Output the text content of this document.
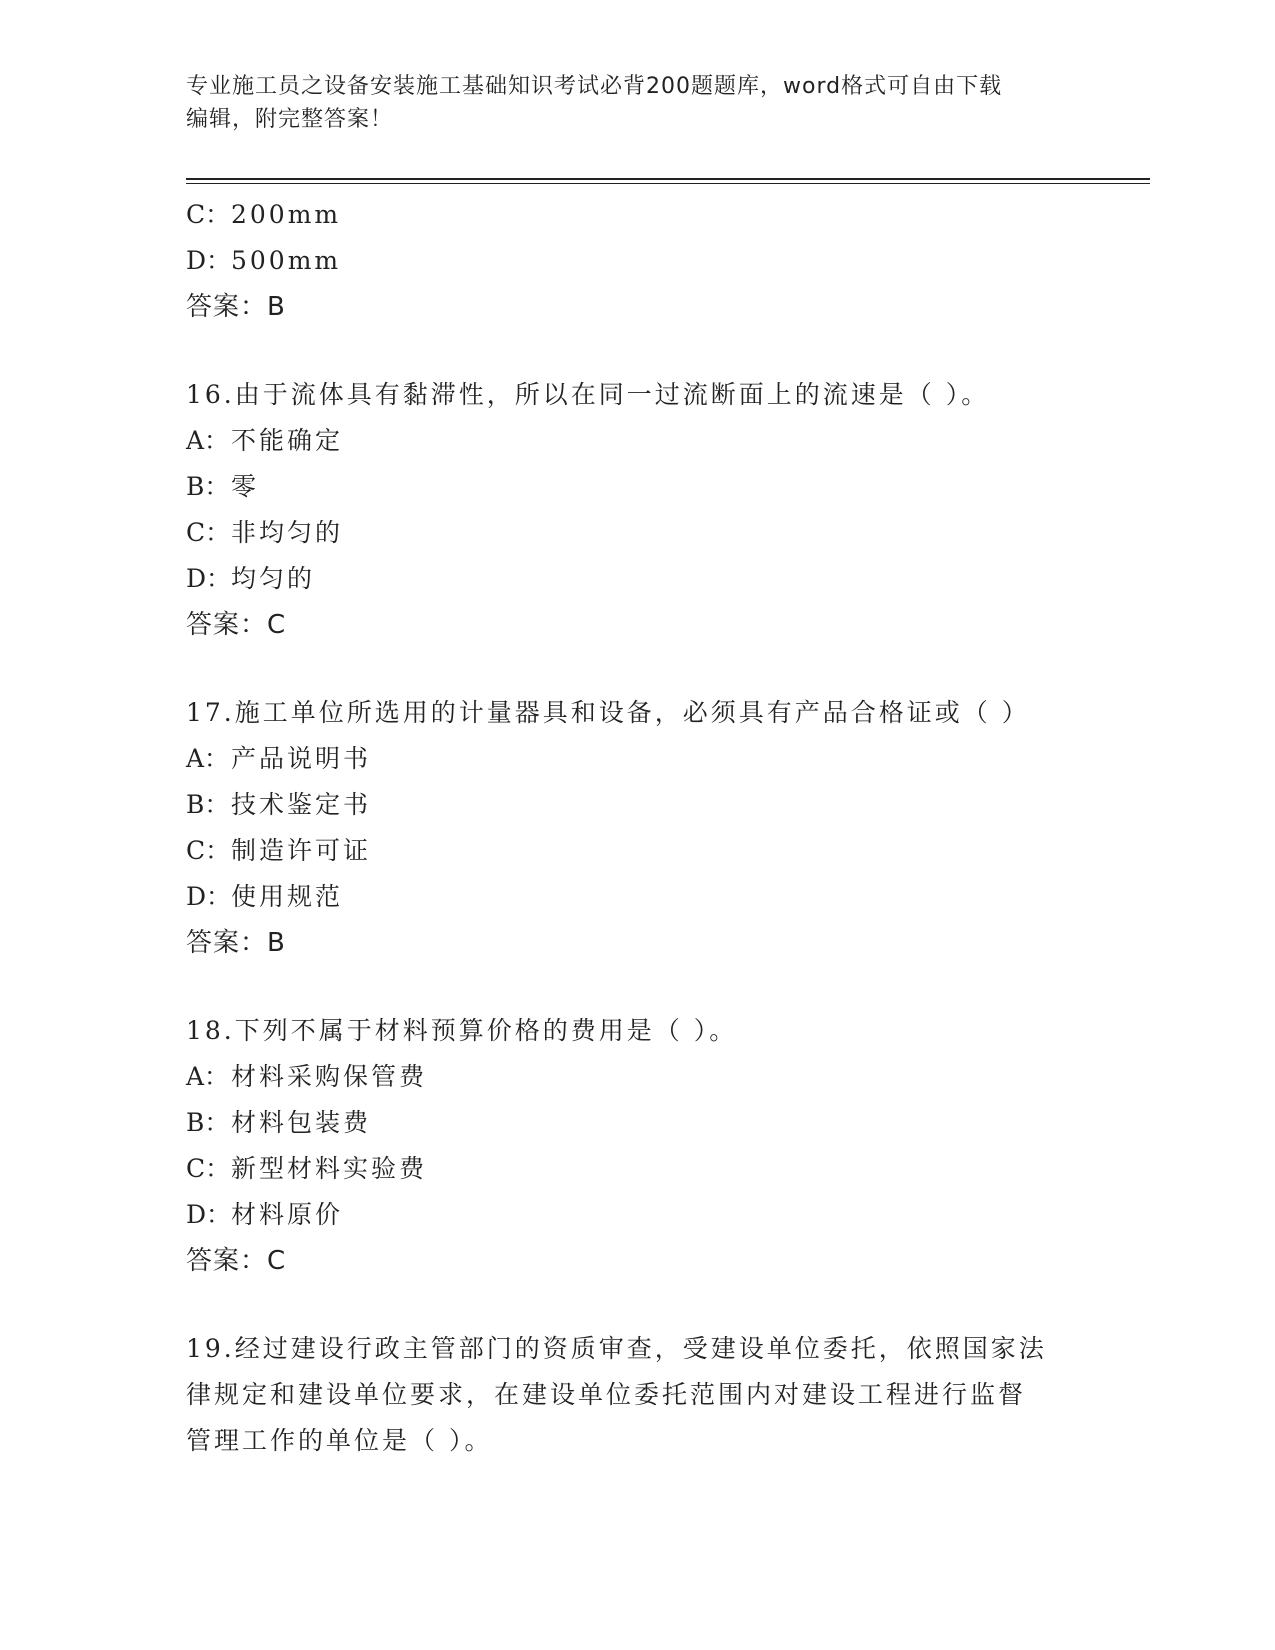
专业施工员之设备安装施工基础知识考试必背200题题库，word格式可自由下载
编辑，附完整答案！
C：200mm
D：500mm
答案：B
16.由于流体具有黏滞性，所以在同一过流断面上的流速是（ ）。
A：不能确定
B：零
C：非均匀的
D：均匀的
答案：C
17.施工单位所选用的计量器具和设备，必须具有产品合格证或（ ）
A：产品说明书
B：技术鉴定书
C：制造许可证
D：使用规范
答案：B
18.下列不属于材料预算价格的费用是（ ）。
A：材料采购保管费
B：材料包装费
C：新型材料实验费
D：材料原价
答案：C
19.经过建设行政主管部门的资质审查，受建设单位委托，依照国家法
律规定和建设单位要求，在建设单位委托范围内对建设工程进行监督
管理工作的单位是（ ）。
